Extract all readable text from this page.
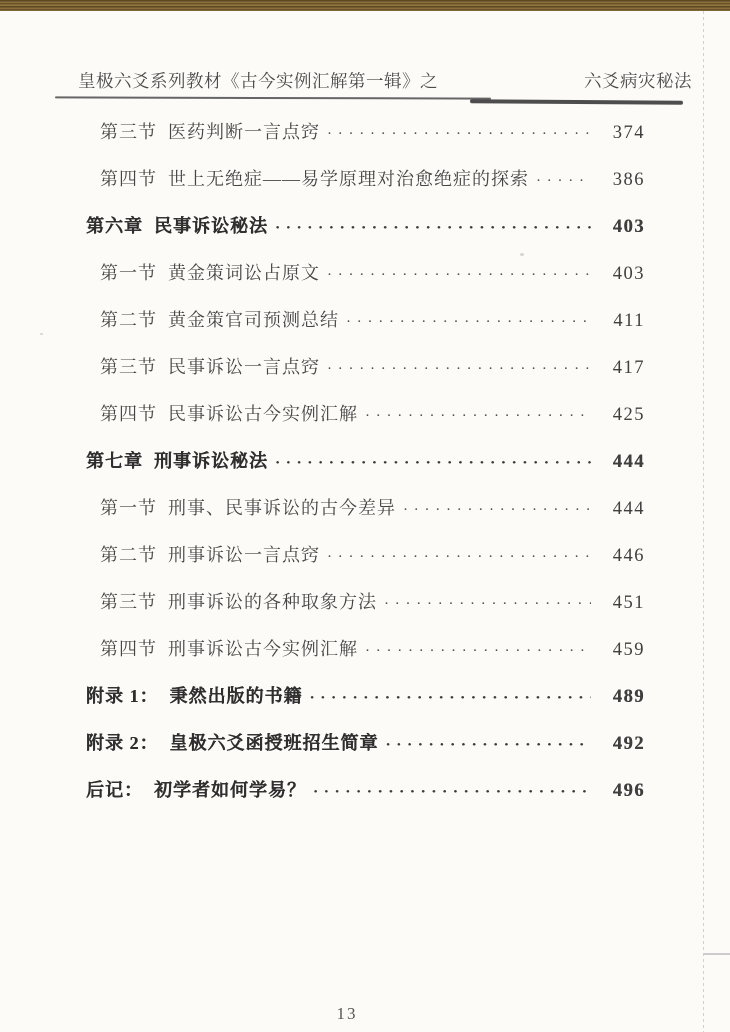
皇极六爻系列教材《古今实例汇解第一辑》之	六爻病灾秘法
第三节 医药判断一言点窍 · · ·	374
第四节 世上无绝症——易学原理对治愈绝症的探索 · · ·	386
第六章 民事诉讼秘法 · · ·	403
第一节 黄金策词讼占原文 · · ·	403
第二节 黄金策官司预测总结 · · ·	411
第三节 民事诉讼一言点窍 · · ·	417
第四节 民事诉讼古今实例汇解 · · ·	425
第七章 刑事诉讼秘法 · · ·	444
第一节 刑事、民事诉讼的古今差异 · · ·	444
第二节 刑事诉讼一言点窍 · · ·	446
第三节 刑事诉讼的各种取象方法 · · ·	451
第四节 刑事诉讼古今实例汇解 · · ·	459
附录 1： 秉然出版的书籍 · · ·	489
附录 2： 皇极六爻函授班招生简章 · · ·	492
后记： 初学者如何学易？ · · ·	496
13
